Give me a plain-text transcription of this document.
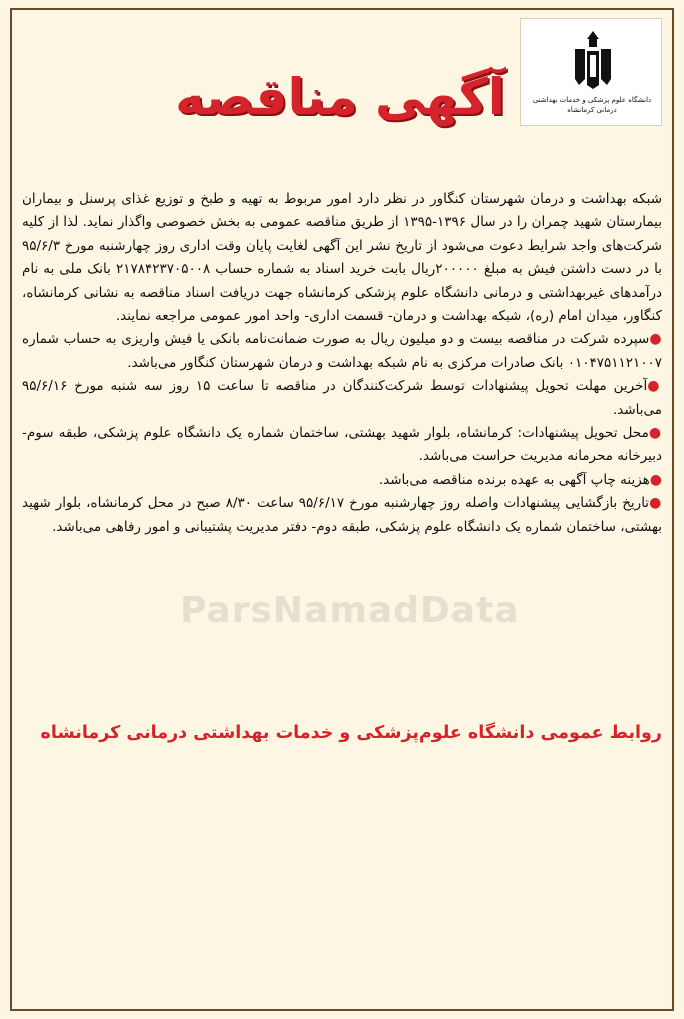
دانشگاه علوم پزشکی و خدمات بهداشتی درمانی کرمانشاه
آگهی مناقصه

شبکه بهداشت و درمان شهرستان کنگاور در نظر دارد امور مربوط به تهیه و طبخ و توزیع غذای پرسنل و بیماران بیمارستان شهید چمران را در سال ۱۳۹۶-۱۳۹۵ از طریق مناقصه عمومی به بخش خصوصی واگذار نماید. لذا از کلیه شرکت‌های واجد شرایط دعوت می‌شود از تاریخ نشر این آگهی لغایت پایان وقت اداری روز چهارشنبه مورخ ۹۵/۶/۳ با در دست داشتن فیش به مبلغ ۲۰۰۰۰۰ریال بابت خرید اسناد به شماره حساب ۲۱۷۸۴۲۳۷۰۵۰۰۸ بانک ملی به نام درآمدهای غیربهداشتی و درمانی دانشگاه علوم پزشکی کرمانشاه جهت دریافت اسناد مناقصه به نشانی کرمانشاه، کنگاور، میدان امام (ره)، شبکه بهداشت و درمان- قسمت اداری- واحد امور عمومی مراجعه نمایند.

●سپرده شرکت در مناقصه بیست و دو میلیون ریال به صورت ضمانت‌نامه بانکی یا فیش واریزی به حساب شماره ۰۱۰۴۷۵۱۱۲۱۰۰۷ بانک صادرات مرکزی به نام شبکه بهداشت و درمان شهرستان کنگاور می‌باشد.

●آخرین مهلت تحویل پیشنهادات توسط شرکت‌کنندگان در مناقصه تا ساعت ۱۵ روز سه شنبه مورخ ۹۵/۶/۱۶ می‌باشد.

●محل تحویل پیشنهادات: کرمانشاه، بلوار شهید بهشتی، ساختمان شماره یک دانشگاه علوم پزشکی، طبقه سوم- دبیرخانه محرمانه مدیریت حراست می‌باشد.

●هزینه چاپ آگهی به عهده برنده مناقصه می‌باشد.

●تاریخ بازگشایی پیشنهادات واصله روز چهارشنبه مورخ ۹۵/۶/۱۷ ساعت ۸/۳۰ صبح در محل کرمانشاه، بلوار شهید بهشتی، ساختمان شماره یک دانشگاه علوم پزشکی، طبقه دوم- دفتر مدیریت پشتیبانی و امور رفاهی می‌باشد.

ParsNamadData
روابط عمومی دانشگاه علوم‌پزشکی و خدمات بهداشتی درمانی کرمانشاه
